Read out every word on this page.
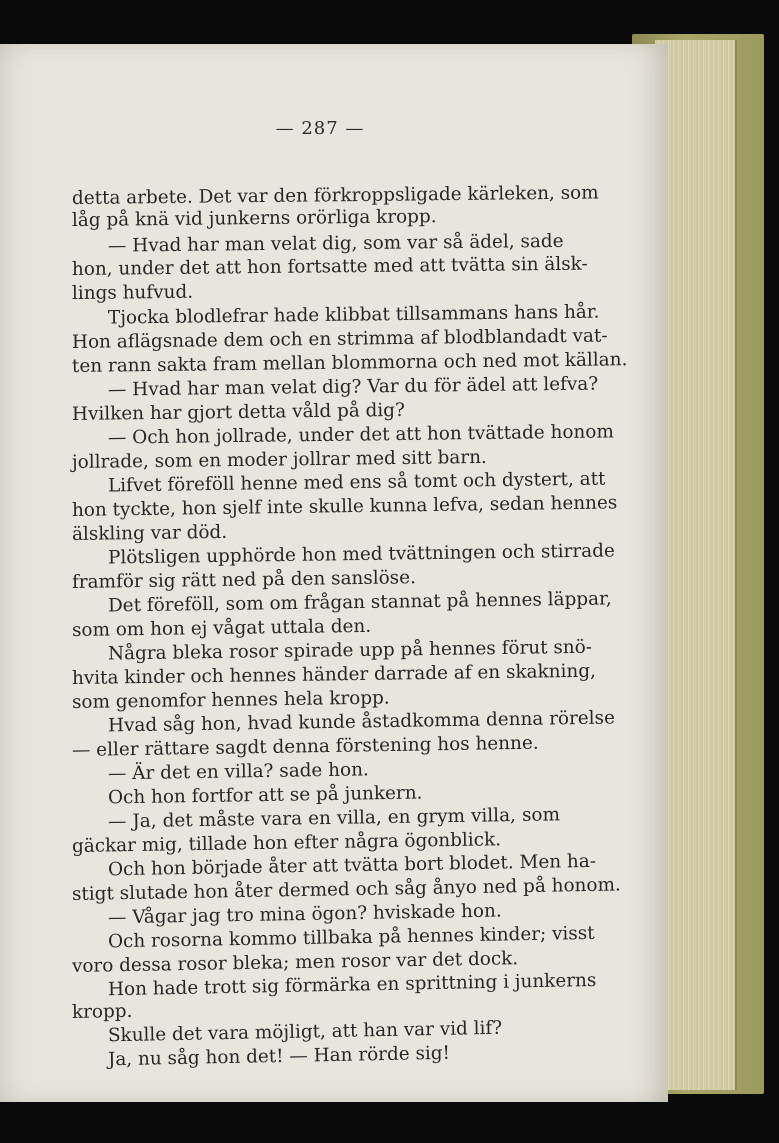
— 287 —
detta arbete. Det var den förkroppsligade kärleken, som
låg på knä vid junkerns orörliga kropp.
— Hvad har man velat dig, som var så ädel, sade
hon, under det att hon fortsatte med att tvätta sin älsk-
lings hufvud.
Tjocka blodlefrar hade klibbat tillsammans hans hår.
Hon aflägsnade dem och en strimma af blodblandadt vat-
ten rann sakta fram mellan blommorna och ned mot källan.
— Hvad har man velat dig? Var du för ädel att lefva?
Hvilken har gjort detta våld på dig?
— Och hon jollrade, under det att hon tvättade honom
jollrade, som en moder jollrar med sitt barn.
Lifvet föreföll henne med ens så tomt och dystert, att
hon tyckte, hon sjelf inte skulle kunna lefva, sedan hennes
älskling var död.
Plötsligen upphörde hon med tvättningen och stirrade
framför sig rätt ned på den sanslöse.
Det föreföll, som om frågan stannat på hennes läppar,
som om hon ej vågat uttala den.
Några bleka rosor spirade upp på hennes förut snö-
hvita kinder och hennes händer darrade af en skakning,
som genomfor hennes hela kropp.
Hvad såg hon, hvad kunde åstadkomma denna rörelse
— eller rättare sagdt denna förstening hos henne.
— Är det en villa? sade hon.
Och hon fortfor att se på junkern.
— Ja, det måste vara en villa, en grym villa, som
gäckar mig, tillade hon efter några ögonblick.
Och hon började åter att tvätta bort blodet. Men ha-
stigt slutade hon åter dermed och såg ånyo ned på honom.
— Vågar jag tro mina ögon? hviskade hon.
Och rosorna kommo tillbaka på hennes kinder; visst
voro dessa rosor bleka; men rosor var det dock.
Hon hade trott sig förmärka en sprittning i junkerns
kropp.
Skulle det vara möjligt, att han var vid lif?
Ja, nu såg hon det! — Han rörde sig!
